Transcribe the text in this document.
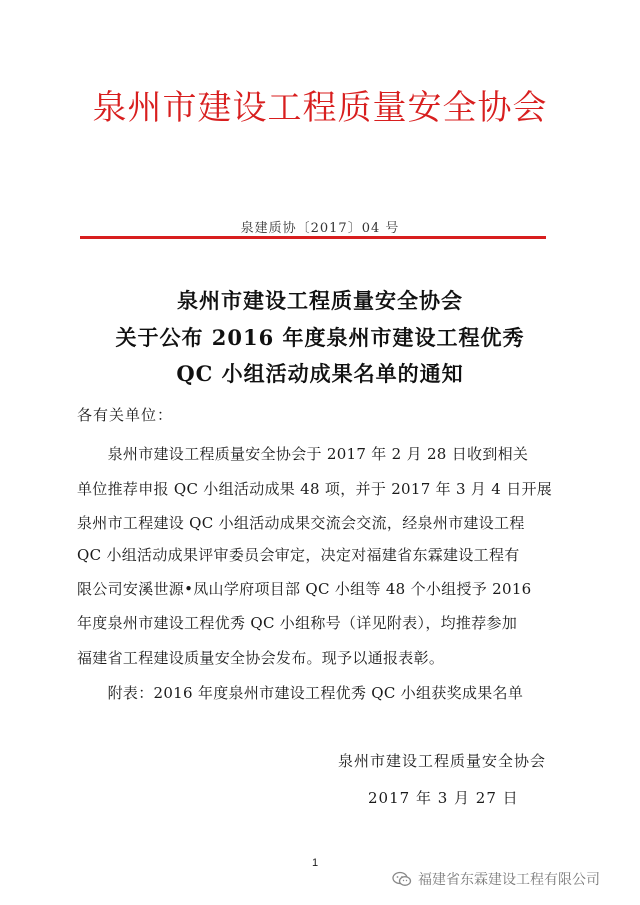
泉州市建设工程质量安全协会
泉建质协〔2017〕04 号
泉州市建设工程质量安全协会
关于公布 2016 年度泉州市建设工程优秀
QC 小组活动成果名单的通知
各有关单位：
　　泉州市建设工程质量安全协会于 2017 年 2 月 28 日收到相关
单位推荐申报 QC 小组活动成果 48 项，并于 2017 年 3 月 4 日开展
泉州市工程建设 QC 小组活动成果交流会交流，经泉州市建设工程
QC 小组活动成果评审委员会审定，决定对福建省东霖建设工程有
限公司安溪世源•凤山学府项目部 QC 小组等 48 个小组授予 2016
年度泉州市建设工程优秀 QC 小组称号（详见附表），均推荐参加
福建省工程建设质量安全协会发布。现予以通报表彰。
　　附表：2016 年度泉州市建设工程优秀 QC 小组获奖成果名单
泉州市建设工程质量安全协会
2017 年 3 月 27 日
1
福建省东霖建设工程有限公司
